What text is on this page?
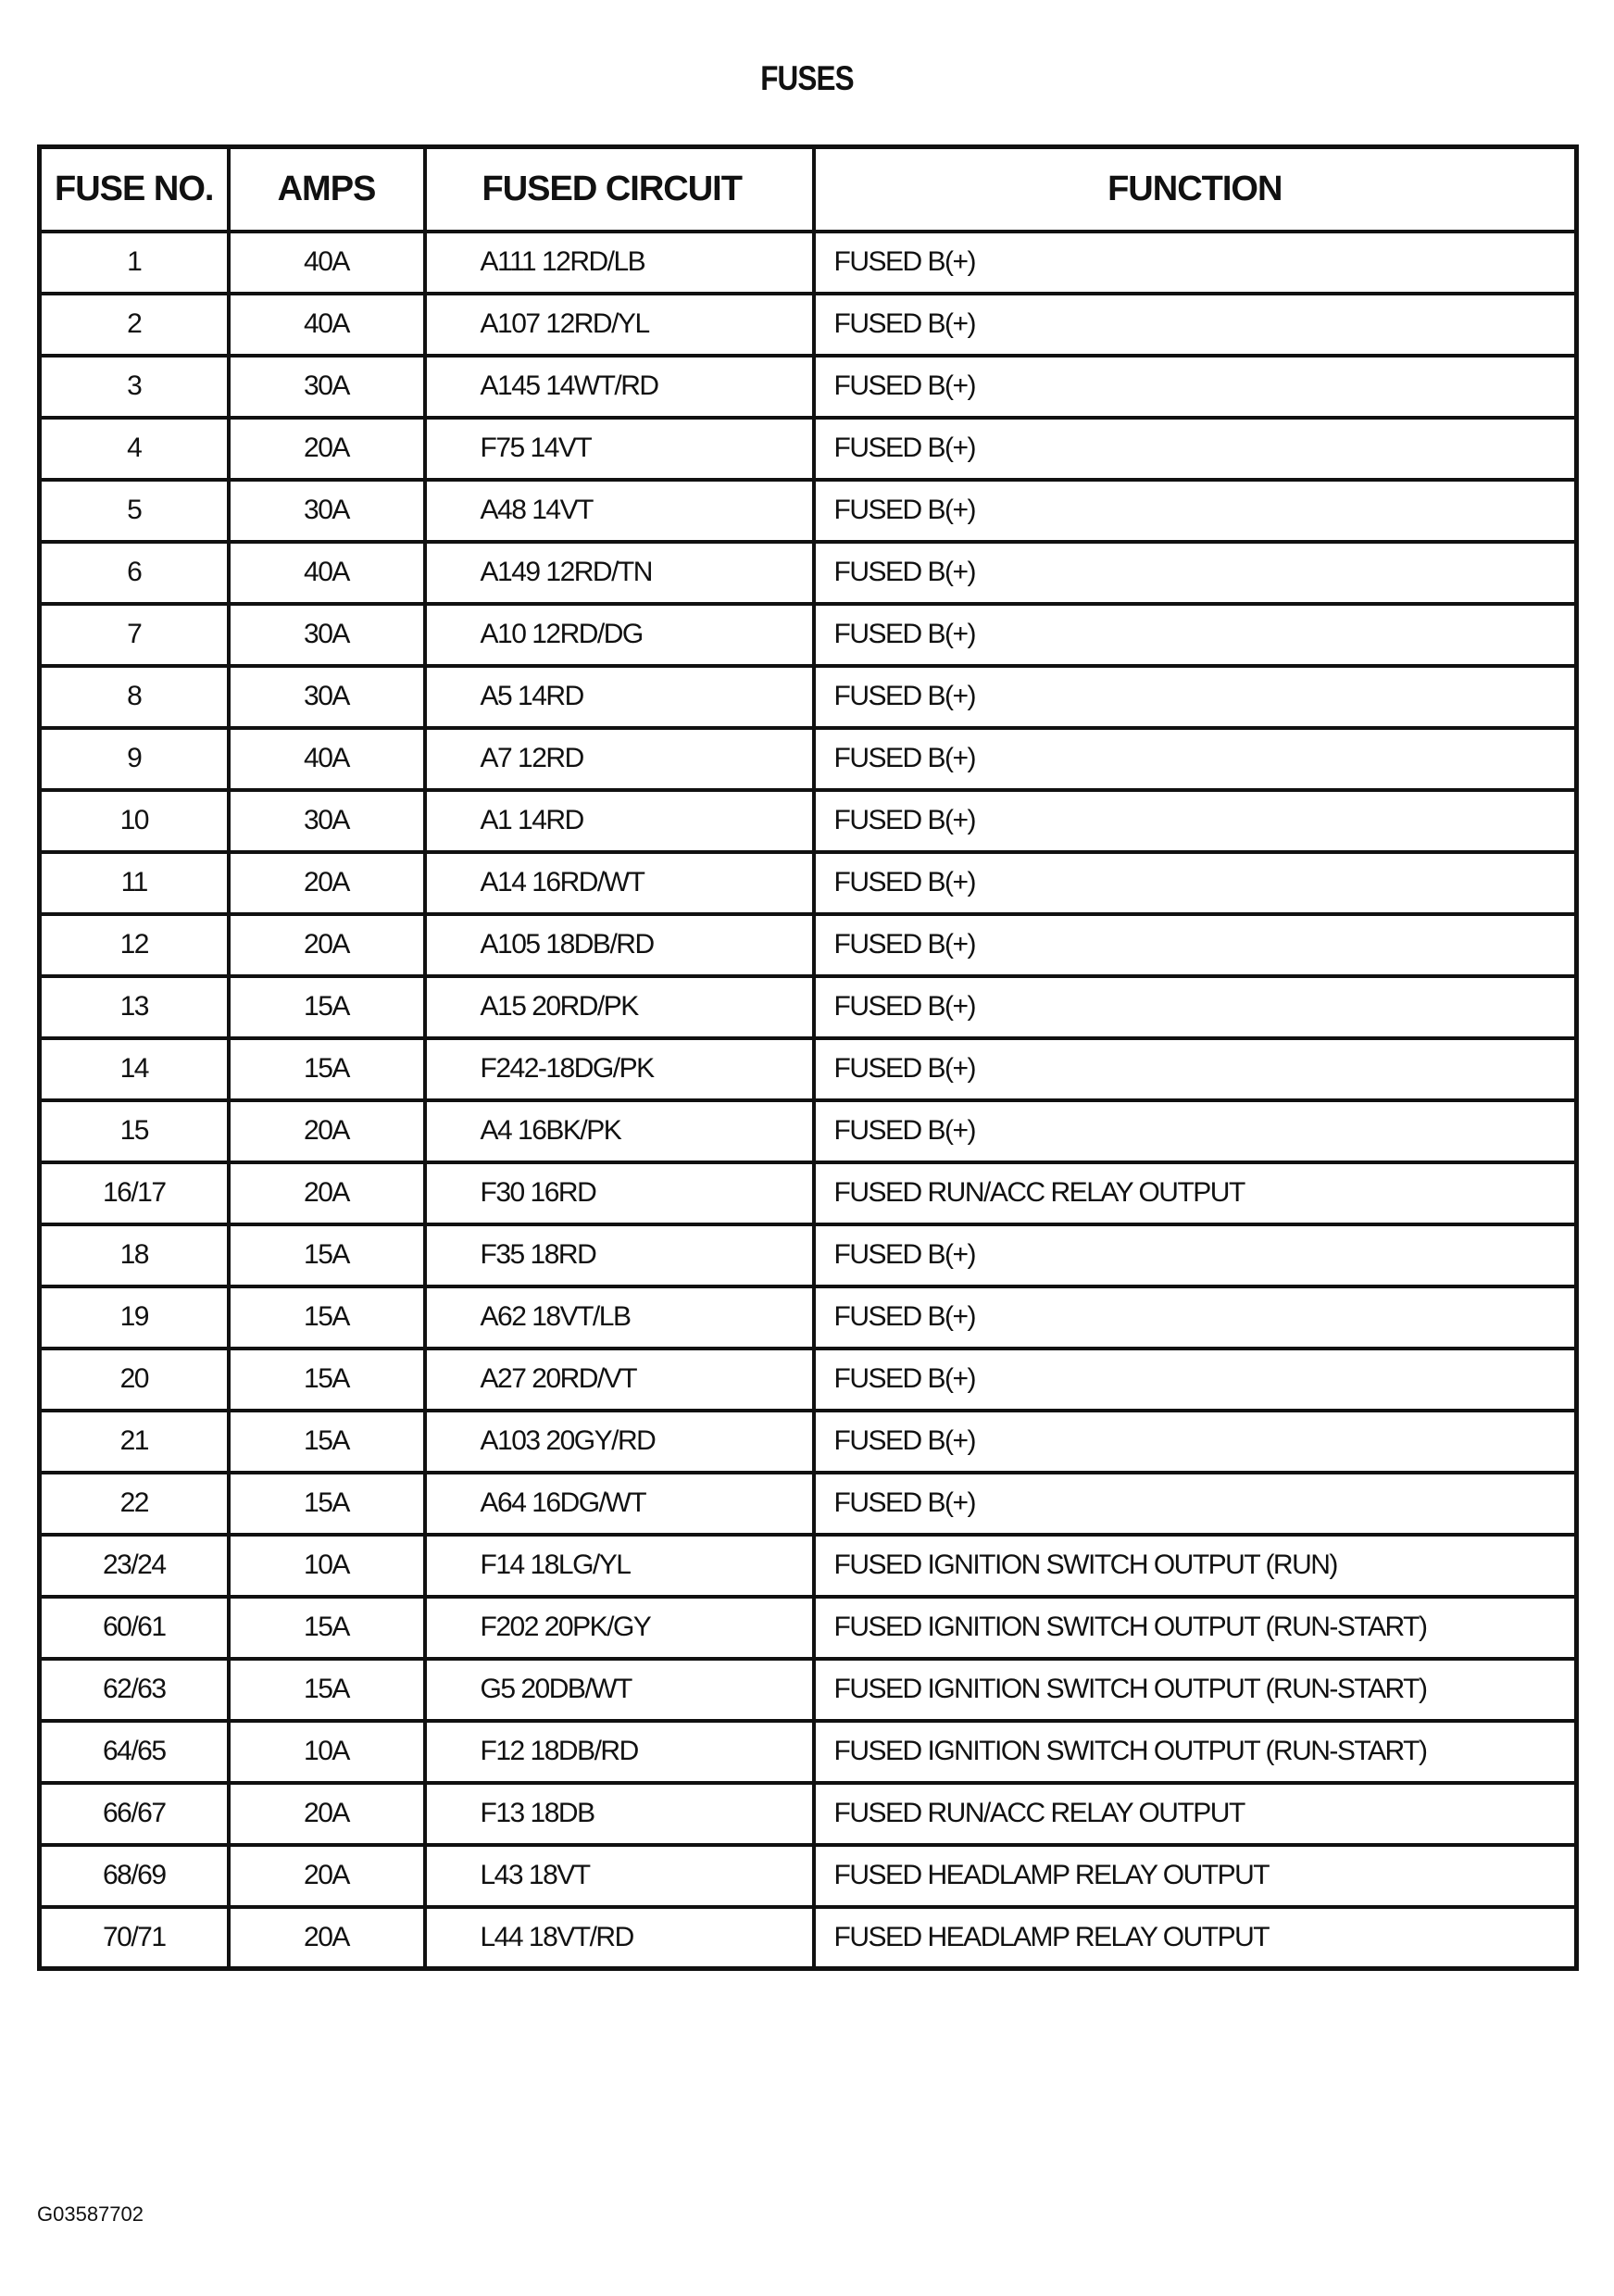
FUSES
FUSE NO.	AMPS	FUSED CIRCUIT	FUNCTION
1	40A	A111 12RD/LB	FUSED B(+)
2	40A	A107 12RD/YL	FUSED B(+)
3	30A	A145 14WT/RD	FUSED B(+)
4	20A	F75 14VT	FUSED B(+)
5	30A	A48 14VT	FUSED B(+)
6	40A	A149 12RD/TN	FUSED B(+)
7	30A	A10 12RD/DG	FUSED B(+)
8	30A	A5 14RD	FUSED B(+)
9	40A	A7 12RD	FUSED B(+)
10	30A	A1 14RD	FUSED B(+)
11	20A	A14 16RD/WT	FUSED B(+)
12	20A	A105 18DB/RD	FUSED B(+)
13	15A	A15 20RD/PK	FUSED B(+)
14	15A	F242-18DG/PK	FUSED B(+)
15	20A	A4 16BK/PK	FUSED B(+)
16/17	20A	F30 16RD	FUSED RUN/ACC RELAY OUTPUT
18	15A	F35 18RD	FUSED B(+)
19	15A	A62 18VT/LB	FUSED B(+)
20	15A	A27 20RD/VT	FUSED B(+)
21	15A	A103 20GY/RD	FUSED B(+)
22	15A	A64 16DG/WT	FUSED B(+)
23/24	10A	F14 18LG/YL	FUSED IGNITION SWITCH OUTPUT (RUN)
60/61	15A	F202 20PK/GY	FUSED IGNITION SWITCH OUTPUT (RUN-START)
62/63	15A	G5 20DB/WT	FUSED IGNITION SWITCH OUTPUT (RUN-START)
64/65	10A	F12 18DB/RD	FUSED IGNITION SWITCH OUTPUT (RUN-START)
66/67	20A	F13 18DB	FUSED RUN/ACC RELAY OUTPUT
68/69	20A	L43 18VT	FUSED HEADLAMP RELAY OUTPUT
70/71	20A	L44 18VT/RD	FUSED HEADLAMP RELAY OUTPUT
G03587702
